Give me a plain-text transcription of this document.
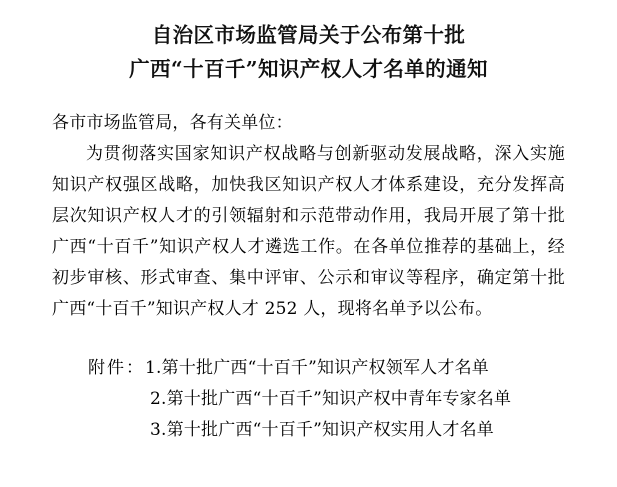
自治区市场监管局关于公布第十批
广西“十百千”知识产权人才名单的通知
各市市场监管局，各有关单位：

为贯彻落实国家知识产权战略与创新驱动发展战略，深入实施知识产权强区战略，加快我区知识产权人才体系建设，充分发挥高层次知识产权人才的引领辐射和示范带动作用，我局开展了第十批广西“十百千”知识产权人才遴选工作。在各单位推荐的基础上，经初步审核、形式审查、集中评审、公示和审议等程序，确定第十批广西“十百千”知识产权人才 252 人，现将名单予以公布。

附件：1.第十批广西“十百千”知识产权领军人才名单
2.第十批广西“十百千”知识产权中青年专家名单
3.第十批广西“十百千”知识产权实用人才名单
